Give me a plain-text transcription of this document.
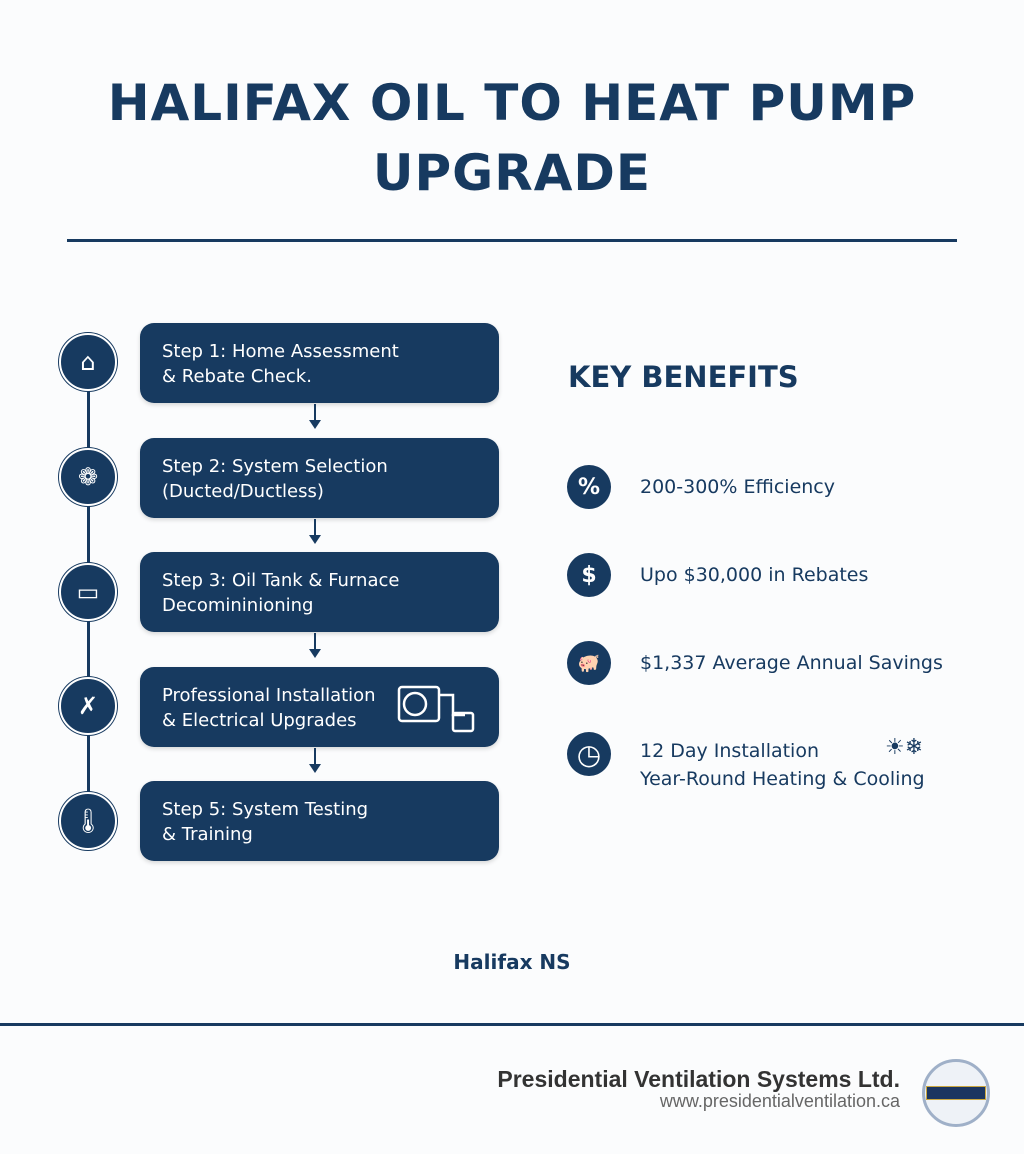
HALIFAX OIL TO HEAT PUMP UPGRADE
⌂
❁
▭
✗
🌡
Step 1: Home Assessment
& Rebate Check.
Step 2: System Selection
(Ducted/Ductless)
Step 3: Oil Tank & Furnace
Decomininioning
Professional Installation
& Electrical Upgrades
Step 5: System Testing
& Training
KEY BENEFITS
%	200-300% Efficiency
$	Upo $30,000 in Rebates
🐖	$1,337 Average Annual Savings
◷	12 Day Installation
Year-Round Heating & Cooling
☀❄
Halifax NS
Presidential Ventilation Systems Ltd.
www.presidentialventilation.ca
